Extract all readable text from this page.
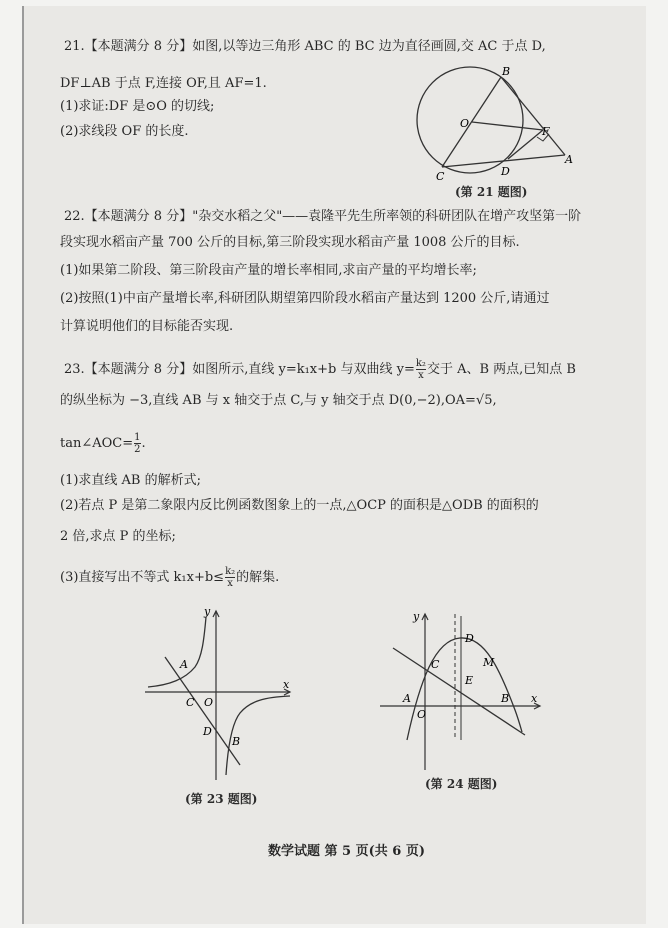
21.【本题满分 8 分】如图,以等边三角形 ABC 的 BC 边为直径画圆,交 AC 于点 D,
DF⊥AB 于点 F,连接 OF,且 AF=1.
(1)求证:DF 是⊙O 的切线;
(2)求线段 OF 的长度.
B
O
F
A
C	D
(第 21 题图)
22.【本题满分 8 分】"杂交水稻之父"——袁隆平先生所率领的科研团队在增产攻坚第一阶
段实现水稻亩产量 700 公斤的目标,第三阶段实现水稻亩产量 1008 公斤的目标.
(1)如果第二阶段、第三阶段亩产量的增长率相同,求亩产量的平均增长率;
(2)按照(1)中亩产量增长率,科研团队期望第四阶段水稻亩产量达到 1200 公斤,请通过
计算说明他们的目标能否实现.
23.【本题满分 8 分】如图所示,直线 y=k₁x+b 与双曲线 $y= \frac{\text{k₂}}{x}$ 交于 A、B 两点,已知点 B
的纵坐标为 −3,直线 AB 与 x 轴交于点 C,与 y 轴交于点 D(0,−2),OA=√5,
tan∠AOC= $\frac{1}{2}$ .
(1)求直线 AB 的解析式;
(2)若点 P 是第二象限内反比例函数图象上的一点,△OCP 的面积是△ODB 的面积的
2 倍,求点 P 的坐标;
(3)直接写出不等式 $k_1x+b\le \frac{\text{k₂}}{x}$ 的解集.
y
x
A
C O
D
B
(第 23 题图)
y
x
D
C	M
E
A
O
B
(第 24 题图)
数学试题 第 5 页(共 6 页)
